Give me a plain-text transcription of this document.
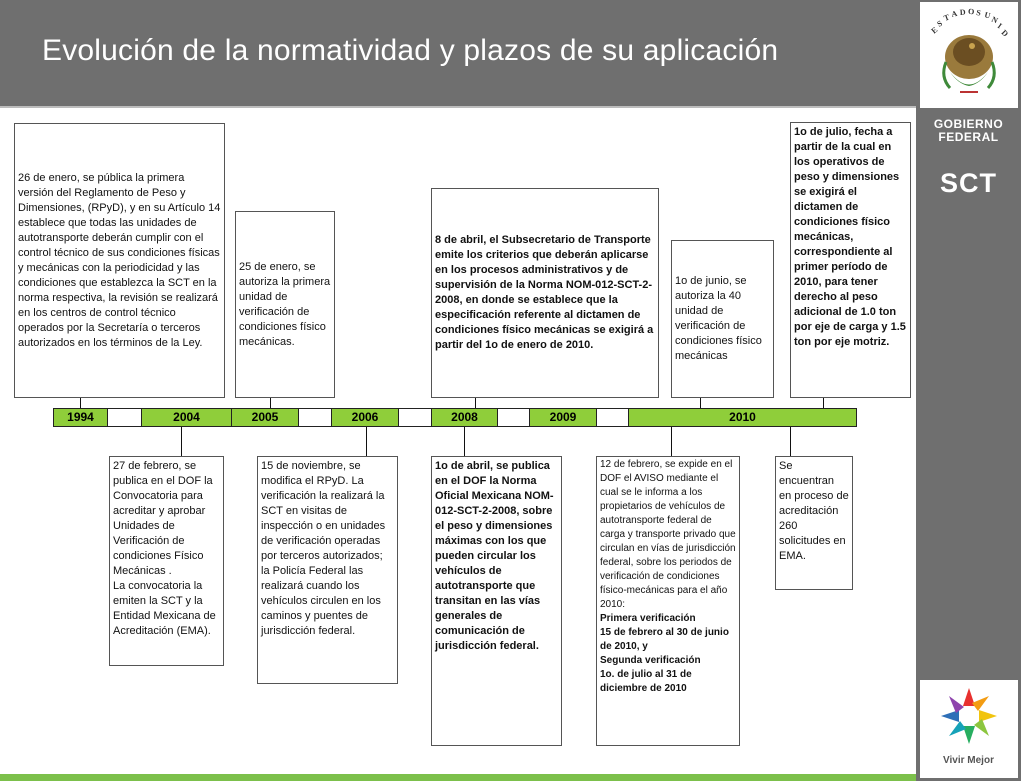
Evolución de la normatividad y plazos de su aplicación
E
S
T A D O S U
N
I
D
GOBIERNO
FEDERAL
SCT
Vivir Mejor
26 de enero, se pública la primera versión del Reglamento de Peso y Dimensiones, (RPyD), y en su Artículo 14 establece que todas las unidades de autotransporte deberán cumplir con el control técnico de sus condiciones físicas y mecánicas con la periodicidad y las condiciones que establezca la SCT en la norma respectiva, la revisión se realizará en los centros de control técnico operados por la Secretaría o terceros autorizados en los términos de la Ley.
25 de enero, se autoriza la primera unidad de verificación de condiciones físico mecánicas.
8 de abril, el Subsecretario de Transporte emite los criterios que deberán aplicarse en los procesos administrativos y de supervisión de la Norma NOM-012-SCT-2-2008, en donde se establece que la especificación referente al dictamen de condiciones físico mecánicas se exigirá a partir del 1o de enero de 2010.
1o de junio, se autoriza la 40 unidad de verificación de condiciones físico mecánicas
1o de julio, fecha a partir de la cual en los operativos de peso y dimensiones se exigirá el dictamen de condiciones físico mecánicas, correspondiente al primer período de 2010, para tener derecho al peso adicional de 1.0 ton por eje de carga y 1.5 ton por eje motriz.
1994	2004	2005	2006	2008	2009	2010
27 de febrero, se publica en el DOF la Convocatoria para acreditar y aprobar Unidades de Verificación de condiciones Físico Mecánicas .
La convocatoria la emiten la SCT y la Entidad Mexicana de Acreditación (EMA).
15 de noviembre, se modifica el RPyD. La verificación la realizará la SCT en visitas de inspección o en unidades de verificación operadas por terceros autorizados; la Policía Federal las realizará cuando los vehículos circulen en los caminos y puentes de jurisdicción federal.
1o de abril, se publica en el DOF la Norma Oficial Mexicana NOM-012-SCT-2-2008, sobre el peso y dimensiones máximas con los que pueden circular los vehículos de autotransporte que transitan en las vías generales de comunicación de jurisdicción federal.
12 de febrero, se expide en el DOF el AVISO mediante el cual se le informa a los propietarios de vehículos de autotransporte federal de carga y transporte privado que circulan en vías de jurisdicción federal, sobre los periodos de verificación de condiciones físico-mecánicas para el año 2010:
Primera verificación
15 de febrero al 30 de junio de 2010, y
Segunda verificación
1o. de julio al 31 de diciembre de 2010
Se encuentran en proceso de acreditación 260 solicitudes en EMA.
